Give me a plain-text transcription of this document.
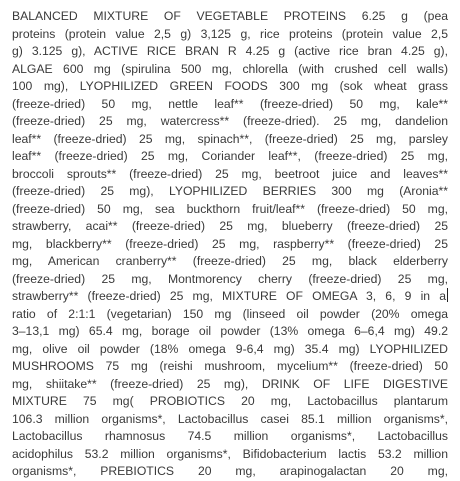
BALANCED MIXTURE OF VEGETABLE PROTEINS 6.25 g (pea
proteins (protein value 2,5 g) 3,125 g, rice proteins (protein value 2,5
g) 3.125 g), ACTIVE RICE BRAN R 4.25 g (active rice bran 4.25 g),
ALGAE 600 mg (spirulina 500 mg, chlorella (with crushed cell walls)
100 mg), LYOPHILIZED GREEN FOODS 300 mg (sok wheat grass
(freeze-dried) 50 mg, nettle leaf** (freeze-dried) 50 mg, kale**
(freeze-dried) 25 mg, watercress** (freeze-dried). 25 mg, dandelion
leaf** (freeze-dried) 25 mg, spinach**, (freeze-dried) 25 mg, parsley
leaf** (freeze-dried) 25 mg, Coriander leaf**, (freeze-dried) 25 mg,
broccoli sprouts** (freeze-dried) 25 mg, beetroot juice and leaves**
(freeze-dried) 25 mg), LYOPHILIZED BERRIES 300 mg (Aronia**
(freeze-dried) 50 mg, sea buckthorn fruit/leaf** (freeze-dried) 50 mg,
strawberry, acai** (freeze-dried) 25 mg, blueberry (freeze-dried) 25
mg, blackberry** (freeze-dried) 25 mg, raspberry** (freeze-dried) 25
mg, American cranberry** (freeze-dried) 25 mg, black elderberry
(freeze-dried) 25 mg, Montmorency cherry (freeze-dried) 25 mg,
strawberry** (freeze-dried) 25 mg, MIXTURE OF OMEGA 3, 6, 9 in a
ratio of 2:1:1 (vegetarian) 150 mg (linseed oil powder (20% omega
3–13,1 mg) 65.4 mg, borage oil powder (13% omega 6–6,4 mg) 49.2
mg, olive oil powder (18% omega 9-6,4 mg) 35.4 mg) LYOPHILIZED
MUSHROOMS 75 mg (reishi mushroom, mycelium** (freeze-dried) 50
mg, shiitake** (freeze-dried) 25 mg), DRINK OF LIFE DIGESTIVE
MIXTURE 75 mg( PROBIOTICS 20 mg, Lactobacillus plantarum
106.3 million organisms*, Lactobacillus casei 85.1 million organisms*,
Lactobacillus rhamnosus 74.5 million organisms*, Lactobacillus
acidophilus 53.2 million organisms*, Bifidobacterium lactis 53.2 million
organisms*, PREBIOTICS 20 mg, arapinogalactan 20 mg,
